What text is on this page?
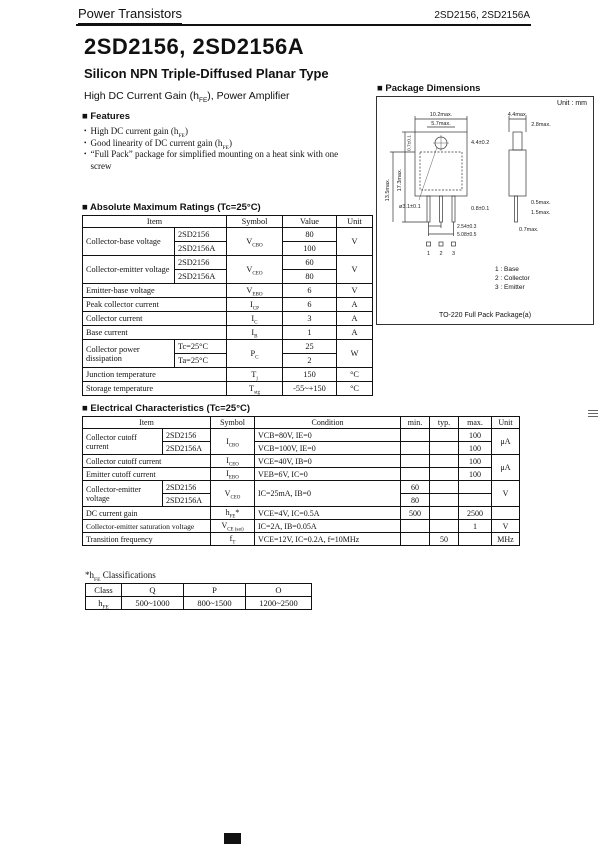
Power Transistors	2SD2156, 2SD2156A
2SD2156, 2SD2156A
Silicon NPN Triple-Diffused Planar Type
High DC Current Gain $(h_{FE})$, Power Amplifier
■ Package Dimensions
Unit : mm
10.2max.
5.7max.
4.4max.
2.8max.
17.3max.
13.5max.
0.7±0.1
ø3.1±0.1
4.4±0.2
0.5max.
1.5max.
0.7max.
0.8±0.1
2.54±0.3
5.08±0.5
1 2 3
1 : Base
2 : Collector
3 : Emitter
TO-220 Full Pack Package(a)
■ Features
• High DC current gain $(h_{FE})$
• Good linearity of DC current gain $(h_{FE})$
• “Full Pack” package for simplified mounting on a heat sink with one screw
■ Absolute Maximum Ratings (Tc=25°C)
Item		Symbol	Value	Unit
Collector-base voltage	2SD2156	$V_{CBO}$	80	V
	2SD2156A		100	
Collector-emitter voltage	2SD2156	$V_{CEO}$	60	V
	2SD2156A		80	
Emitter-base voltage		$V_{EBO}$	6	V
Peak collector current		$I_{CP}$	6	A
Collector current		$I_C$	3	A
Base current		$I_B$	1	A
Collector power dissipation	Tc=25°C	$P_C$	25	W
	Ta=25°C		2	
Junction temperature		$T_j$	150	°C
Storage temperature		$T_{stg}$	-55~+150	°C
■ Electrical Characteristics (Tc=25°C)
Item		Symbol	Condition	min.	typ.	max.	Unit
Collector cutoff current	2SD2156	$I_{CBO}$	VCB=80V, IE=0			100	μA
	2SD2156A		VCB=100V, IE=0			100	
Collector cutoff current		$I_{CEO}$	VCE=40V, IB=0			100	μA
Emitter cutoff current		$I_{EBO}$	VEB=6V, IC=0			100	
Collector-emitter voltage	2SD2156	$V_{CEO}$	IC=25mA, IB=0	60			V
	2SD2156A			80			
DC current gain		$h_{FE}*$	VCE=4V, IC=0.5A	500		2500	
Collector-emitter saturation voltage		$V_{CE (sat)}$	IC=2A, IB=0.05A			1	V
Transition frequency		$f_T$	VCE=12V, IC=0.2A, f=10MHz		50		MHz
$*h_{FE}$ Classifications
Class	Q	P	O
$h_{FE}$	500~1000	800~1500	1200~2500
